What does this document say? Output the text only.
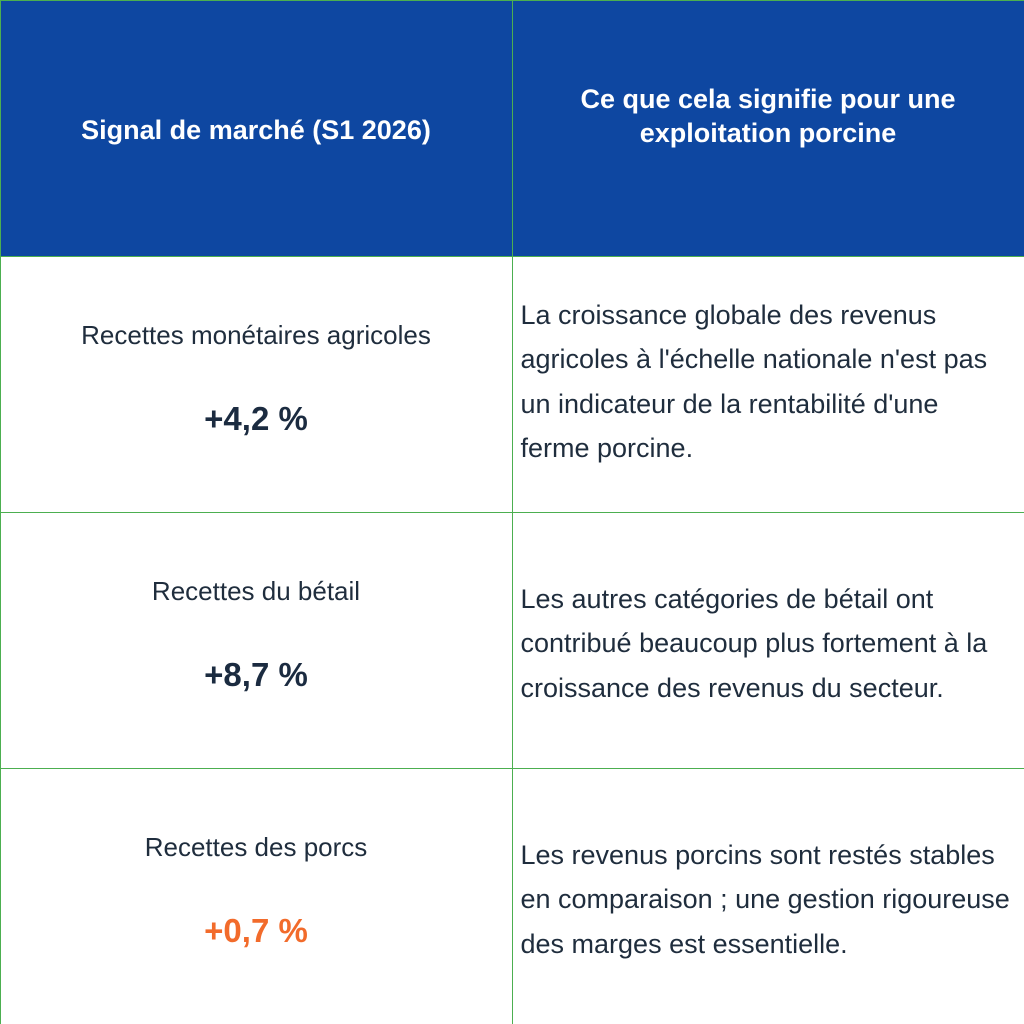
Signal de marché (S1 2026)
Ce que cela signifie pour une exploitation porcine
Recettes monétaires agricoles
+4,2 %
La croissance globale des revenus agricoles à l'échelle nationale n'est pas un indicateur de la rentabilité d'une ferme porcine.
Recettes du bétail
+8,7 %
Les autres catégories de bétail ont contribué beaucoup plus fortement à la croissance des revenus du secteur.
Recettes des porcs
+0,7 %
Les revenus porcins sont restés stables en comparaison ; une gestion rigoureuse des marges est essentielle.
